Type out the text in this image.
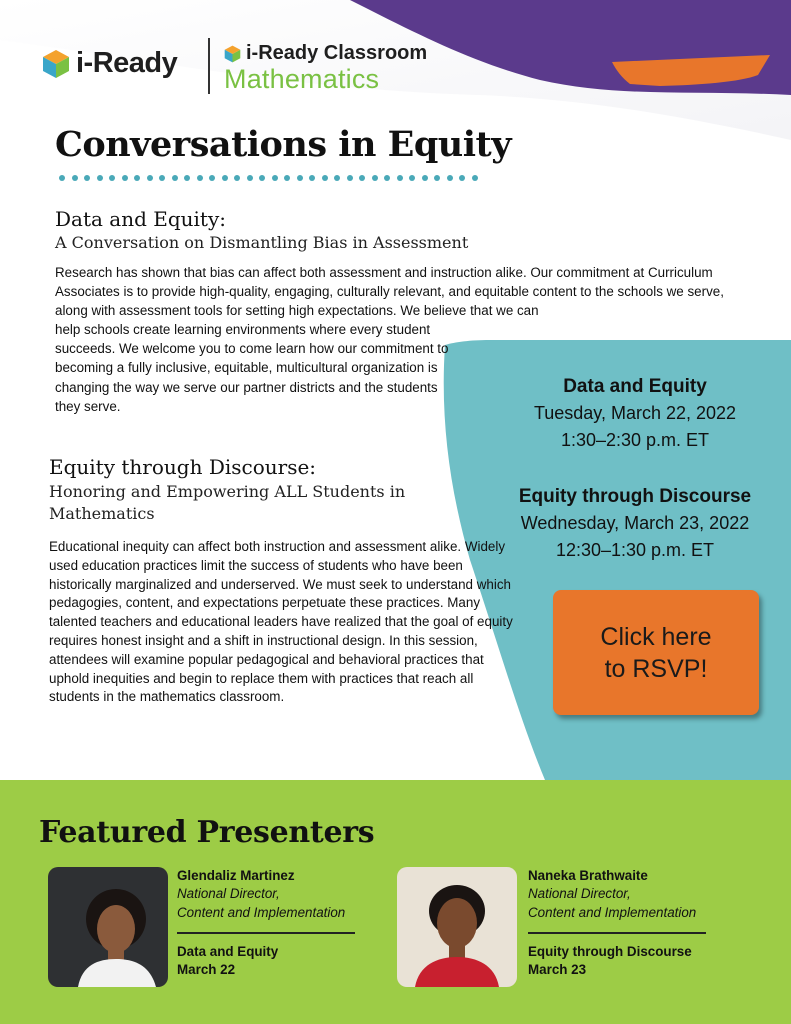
i-Ready	i-Ready Classroom
Mathematics
Conversations in Equity
Data and Equity:
A Conversation on Dismantling Bias in Assessment

Research has shown that bias can affect both assessment and instruction alike. Our commitment at Curriculum Associates is to provide high-quality, engaging, culturally relevant, and equitable content to the schools we serve, along with assessment tools for setting high expectations. We believe that we can

help schools create learning environments where every student succeeds. We welcome you to come learn how our commitment to becoming a fully inclusive, equitable, multicultural organization is changing the way we serve our partner districts and the students they serve.

Equity through Discourse:
Honoring and Empowering ALL Students in Mathematics

Educational inequity can affect both instruction and assessment alike. Widely used education practices limit the success of students who have been historically marginalized and underserved. We must seek to understand which pedagogies, content, and expectations perpetuate these practices. Many talented teachers and educational leaders have realized that the goal of equity requires honest insight and a shift in instructional design. In this session, attendees will examine popular pedagogical and behavioral practices that uphold inequities and begin to replace them with practices that reach all students in the mathematics classroom.

Data and Equity
Tuesday, March 22, 2022
1:30–2:30 p.m. ET
Equity through Discourse
Wednesday, March 23, 2022
12:30–1:30 p.m. ET
Click here
to RSVP!
Featured Presenters
Glendaliz Martinez
National Director,
Content and Implementation
Data and Equity
March 22
Naneka Brathwaite
National Director,
Content and Implementation
Equity through Discourse
March 23
